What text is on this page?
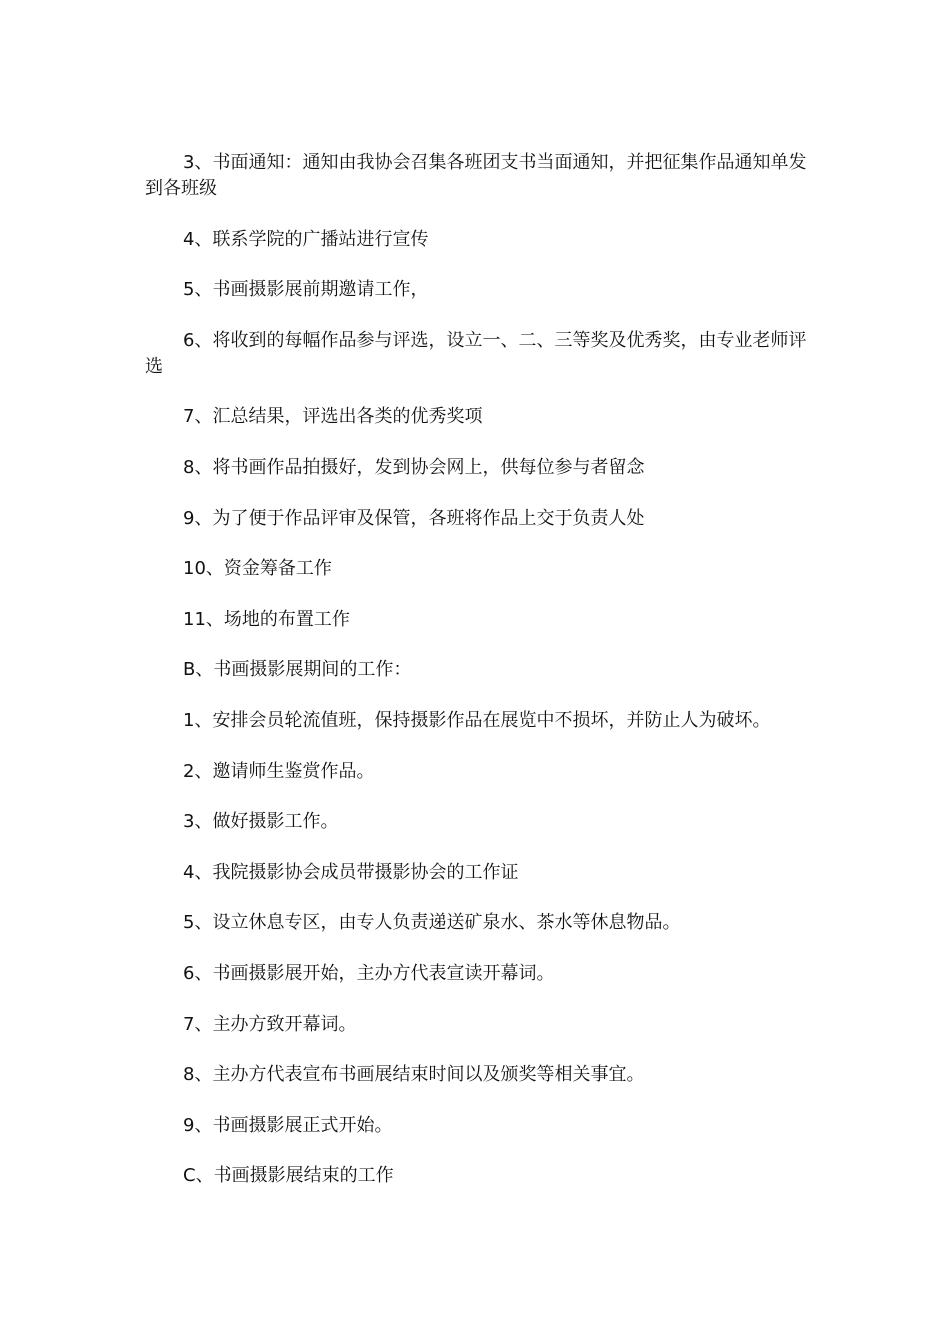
3、书面通知：通知由我协会召集各班团支书当面通知，并把征集作品通知单发到各班级

4、联系学院的广播站进行宣传

5、书画摄影展前期邀请工作，

6、将收到的每幅作品参与评选，设立一、二、三等奖及优秀奖，由专业老师评选

7、汇总结果，评选出各类的优秀奖项

8、将书画作品拍摄好，发到协会网上，供每位参与者留念

9、为了便于作品评审及保管，各班将作品上交于负责人处

10、资金筹备工作

11、场地的布置工作

B、书画摄影展期间的工作：

1、安排会员轮流值班，保持摄影作品在展览中不损坏，并防止人为破坏。

2、邀请师生鉴赏作品。

3、做好摄影工作。

4、我院摄影协会成员带摄影协会的工作证

5、设立休息专区，由专人负责递送矿泉水、茶水等休息物品。

6、书画摄影展开始，主办方代表宣读开幕词。

7、主办方致开幕词。

8、主办方代表宣布书画展结束时间以及颁奖等相关事宜。

9、书画摄影展正式开始。

C、书画摄影展结束的工作
